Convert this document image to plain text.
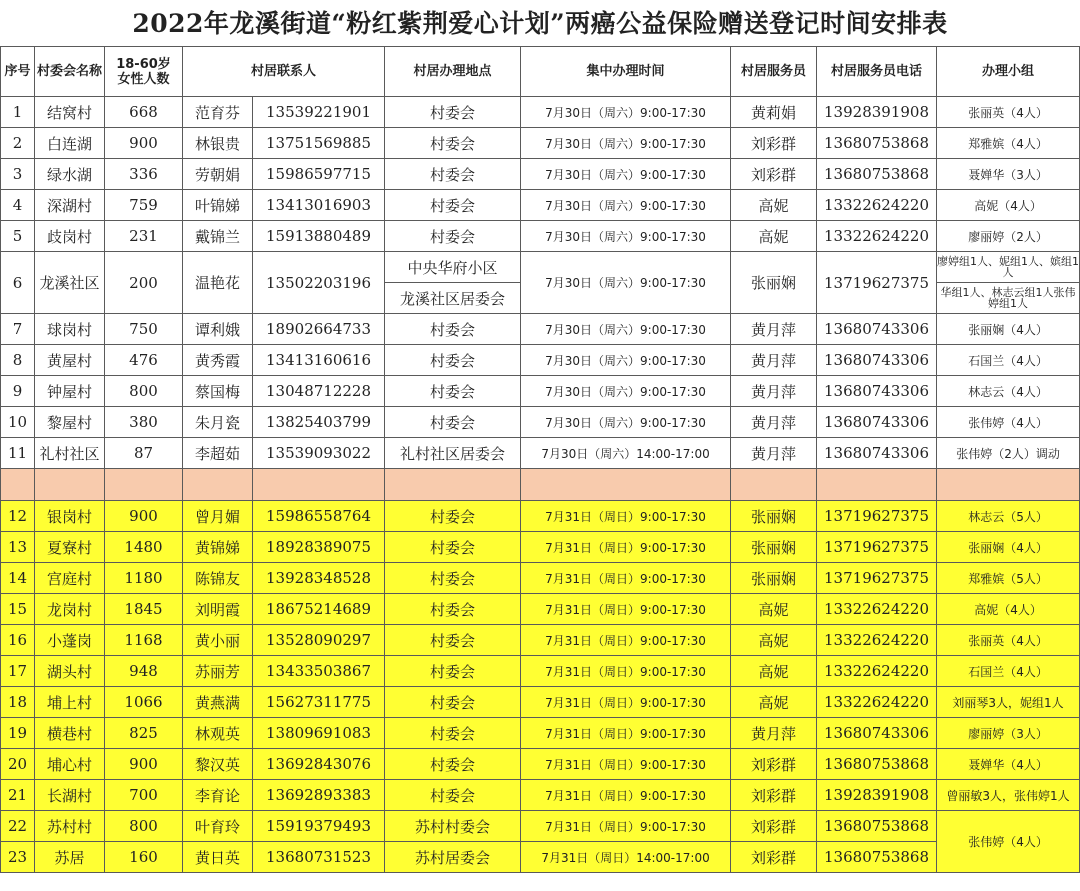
2022年龙溪街道“粉红紫荆爱心计划”两癌公益保险赠送登记时间安排表
序号	村委会名称	18-60岁
女性人数	村居联系人		村居办理地点	集中办理时间	村居服务员	村居服务员电话	办理小组
1	结窝村	668	范育芬	13539221901	村委会	7月30日（周六）9:00-17:30	黄莉娟	13928391908	张丽英（4人）
2	白连湖	900	林银贵	13751569885	村委会	7月30日（周六）9:00-17:30	刘彩群	13680753868	郑雅嫔（4人）
3	绿水湖	336	劳朝娟	15986597715	村委会	7月30日（周六）9:00-17:30	刘彩群	13680753868	聂婵华（3人）
4	深湖村	759	叶锦娣	13413016903	村委会	7月30日（周六）9:00-17:30	高妮	13322624220	高妮（4人）
5	歧岗村	231	戴锦兰	15913880489	村委会	7月30日（周六）9:00-17:30	高妮	13322624220	廖丽婷（2人）
6	龙溪社区	200	温艳花	13502203196	中央华府小区	7月30日（周六）9:00-17:30	张丽娴	13719627375	廖婷组1人、妮组1人、嫔组1人
					龙溪社区居委会				华组1人、林志云组1人张伟婷组1人
7	球岗村	750	谭利娥	18902664733	村委会	7月30日（周六）9:00-17:30	黄月萍	13680743306	张丽娴（4人）
8	黄屋村	476	黄秀霞	13413160616	村委会	7月30日（周六）9:00-17:30	黄月萍	13680743306	石国兰（4人）
9	钟屋村	800	蔡国梅	13048712228	村委会	7月30日（周六）9:00-17:30	黄月萍	13680743306	林志云（4人）
10	黎屋村	380	朱月瓷	13825403799	村委会	7月30日（周六）9:00-17:30	黄月萍	13680743306	张伟婷（4人）
11	礼村社区	87	李超茹	13539093022	礼村社区居委会	7月30日（周六）14:00-17:00	黄月萍	13680743306	张伟婷（2人）调动

12	银岗村	900	曾月媚	15986558764	村委会	7月31日（周日）9:00-17:30	张丽娴	13719627375	林志云（5人）
13	夏寮村	1480	黄锦娣	18928389075	村委会	7月31日（周日）9:00-17:30	张丽娴	13719627375	张丽娴（4人）
14	宫庭村	1180	陈锦友	13928348528	村委会	7月31日（周日）9:00-17:30	张丽娴	13719627375	郑雅嫔（5人）
15	龙岗村	1845	刘明霞	18675214689	村委会	7月31日（周日）9:00-17:30	高妮	13322624220	高妮（4人）
16	小蓬岗	1168	黄小丽	13528090297	村委会	7月31日（周日）9:00-17:30	高妮	13322624220	张丽英（4人）
17	湖头村	948	苏丽芳	13433503867	村委会	7月31日（周日）9:00-17:30	高妮	13322624220	石国兰（4人）
18	埔上村	1066	黄燕满	15627311775	村委会	7月31日（周日）9:00-17:30	高妮	13322624220	刘丽琴3人，妮组1人
19	横巷村	825	林观英	13809691083	村委会	7月31日（周日）9:00-17:30	黄月萍	13680743306	廖丽婷（3人）
20	埔心村	900	黎汉英	13692843076	村委会	7月31日（周日）9:00-17:30	刘彩群	13680753868	聂婵华（4人）
21	长湖村	700	李育论	13692893383	村委会	7月31日（周日）9:00-17:30	刘彩群	13928391908	曾丽敏3人，张伟婷1人
22	苏村村	800	叶育玲	15919379493	苏村村委会	7月31日（周日）9:00-17:30	刘彩群	13680753868	张伟婷（4人）
23	苏居	160	黄日英	13680731523	苏村居委会	7月31日（周日）14:00-17:00	刘彩群	13680753868	
